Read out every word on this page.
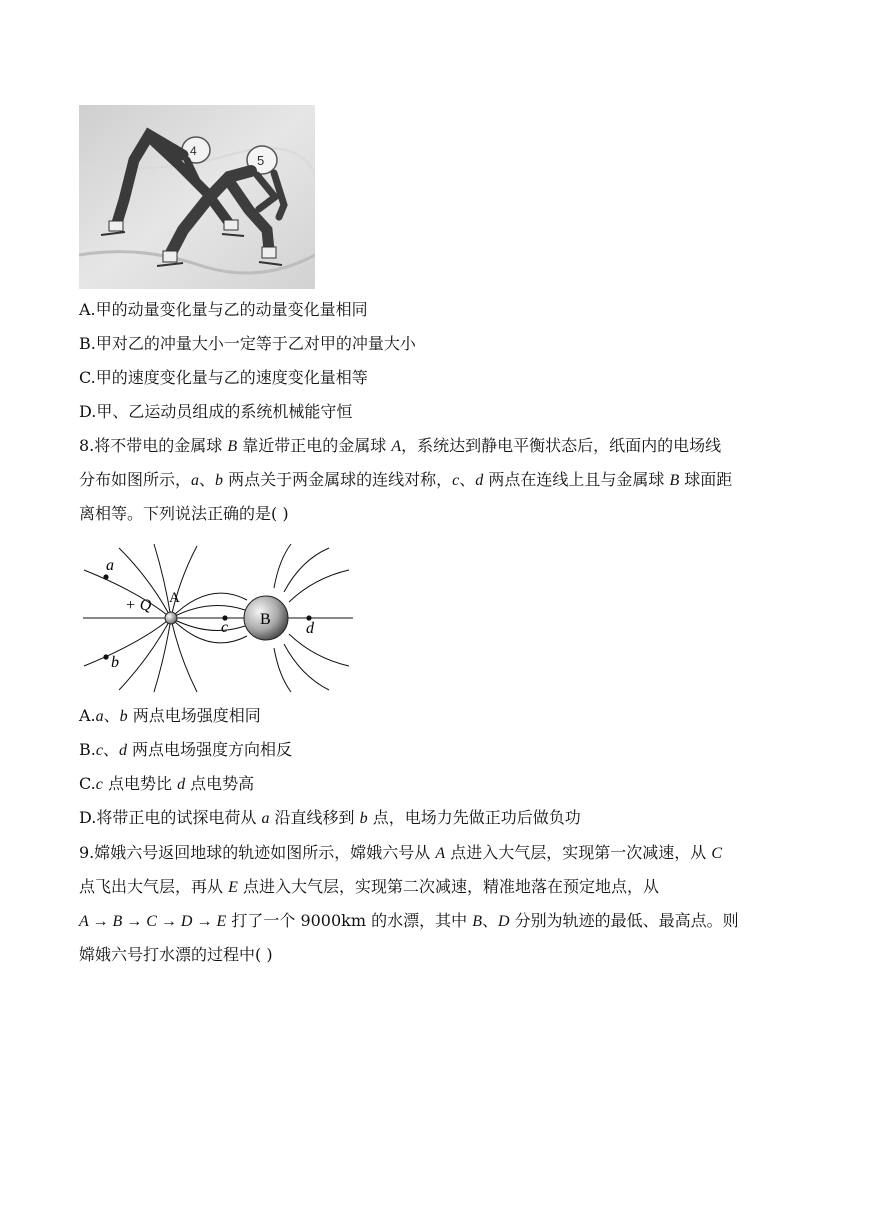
4
5
A.甲的动量变化量与乙的动量变化量相同
B.甲对乙的冲量大小一定等于乙对甲的冲量大小
C.甲的速度变化量与乙的速度变化量相等
D.甲、乙运动员组成的系统机械能守恒
8.将不带电的金属球 B 靠近带正电的金属球 A，系统达到静电平衡状态后，纸面内的电场线
分布如图所示，a、b 两点关于两金属球的连线对称，c、d 两点在连线上且与金属球 B 球面距
离相等。下列说法正确的是( )
a
b
c	d
+ Q A
B
A.a、b 两点电场强度相同
B.c、d 两点电场强度方向相反
C.c 点电势比 d 点电势高
D.将带正电的试探电荷从 a 沿直线移到 b 点，电场力先做正功后做负功
9.嫦娥六号返回地球的轨迹如图所示，嫦娥六号从 A 点进入大气层，实现第一次减速，从 C
点飞出大气层，再从 E 点进入大气层，实现第二次减速，精准地落在预定地点，从
A → B → C → D → E 打了一个 9000km 的水漂，其中 B、D 分别为轨迹的最低、最高点。则
嫦娥六号打水漂的过程中( )
